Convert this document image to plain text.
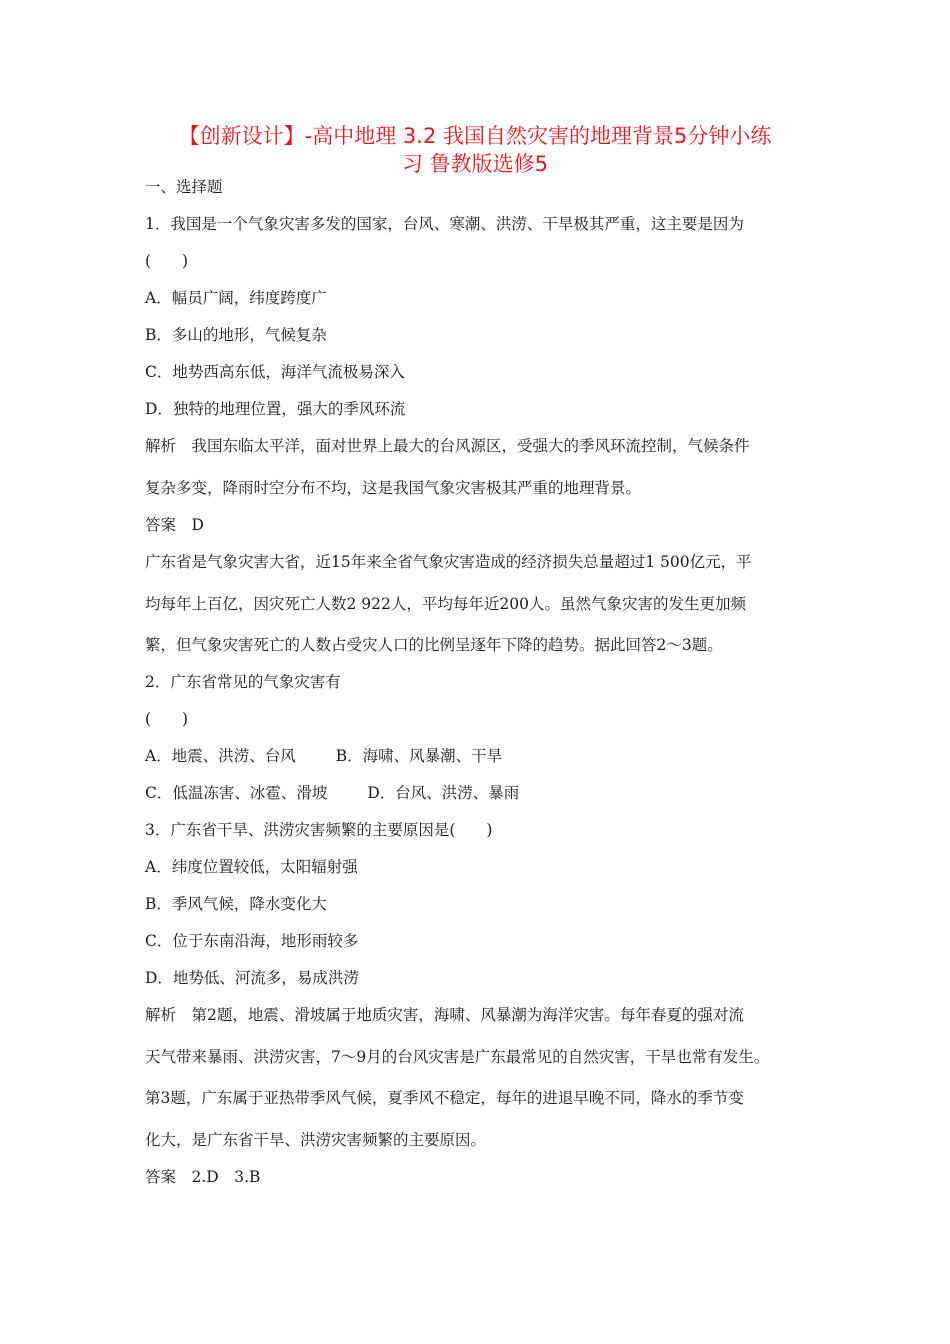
【创新设计】-高中地理 3.2 我国自然灾害的地理背景5分钟小练
习 鲁教版选修5
一、选择题
1．我国是一个气象灾害多发的国家，台风、寒潮、洪涝、干旱极其严重，这主要是因为
(　　)
A．幅员广阔，纬度跨度广
B．多山的地形，气候复杂
C．地势西高东低，海洋气流极易深入
D．独特的地理位置，强大的季风环流
解析　我国东临太平洋，面对世界上最大的台风源区，受强大的季风环流控制，气候条件
复杂多变，降雨时空分布不均，这是我国气象灾害极其严重的地理背景。
答案　D
广东省是气象灾害大省，近15年来全省气象灾害造成的经济损失总量超过1 500亿元，平
均每年上百亿，因灾死亡人数2 922人，平均每年近200人。虽然气象灾害的发生更加频
繁，但气象灾害死亡的人数占受灾人口的比例呈逐年下降的趋势。据此回答2～3题。
2．广东省常见的气象灾害有
(　　)
A．地震、洪涝、台风	B．海啸、风暴潮、干旱
C．低温冻害、冰雹、滑坡	D．台风、洪涝、暴雨
3．广东省干旱、洪涝灾害频繁的主要原因是(　　)
A．纬度位置较低，太阳辐射强
B．季风气候，降水变化大
C．位于东南沿海，地形雨较多
D．地势低、河流多，易成洪涝
解析　第2题，地震、滑坡属于地质灾害，海啸、风暴潮为海洋灾害。每年春夏的强对流
天气带来暴雨、洪涝灾害，7～9月的台风灾害是广东最常见的自然灾害，干旱也常有发生。
第3题，广东属于亚热带季风气候，夏季风不稳定，每年的进退早晚不同，降水的季节变
化大，是广东省干旱、洪涝灾害频繁的主要原因。
答案　2.D　3.B
